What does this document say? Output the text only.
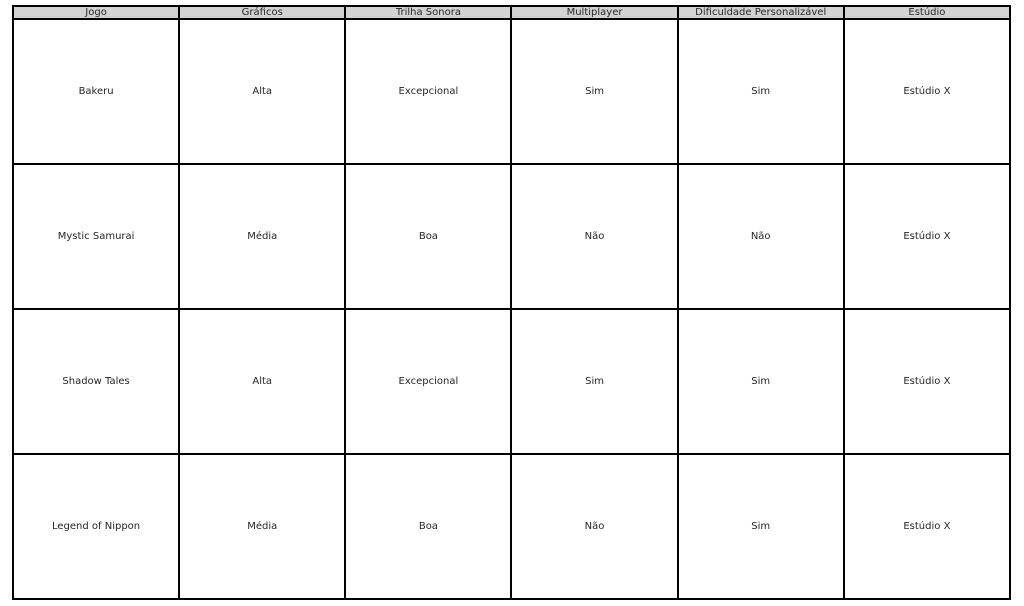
Jogo	Gráficos	Trilha Sonora	Multiplayer	Dificuldade Personalizável	Estúdio
Bakeru	Alta	Excepcional	Sim	Sim	Estúdio X
Mystic Samurai	Média	Boa	Não	Não	Estúdio X
Shadow Tales	Alta	Excepcional	Sim	Sim	Estúdio X
Legend of Nippon	Média	Boa	Não	Sim	Estúdio X
